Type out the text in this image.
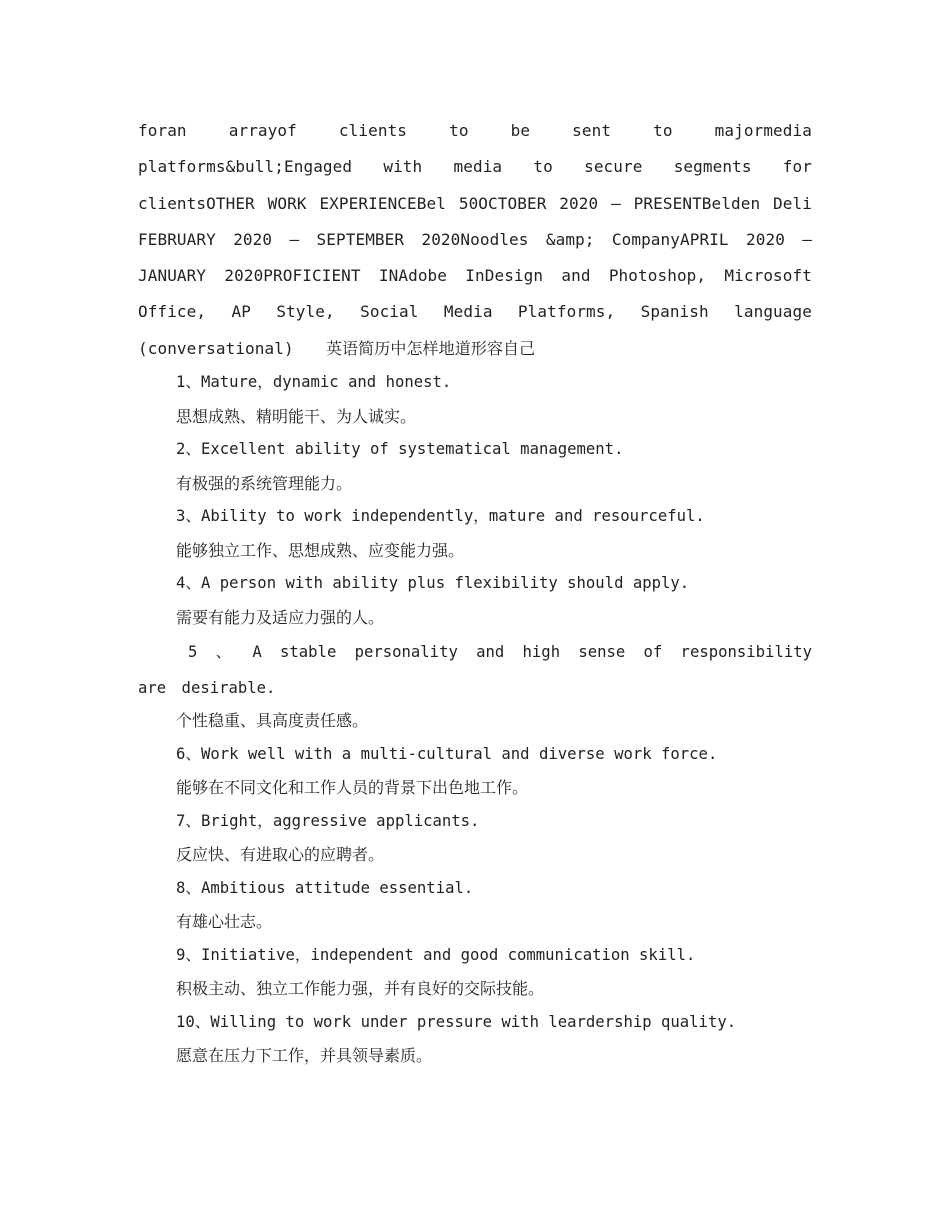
foran arrayof clients to be sent to majormedia platforms&bull;Engaged with media to secure segments for clientsOTHER WORK EXPERIENCEBel 50OCTOBER 2020 – PRESENTBelden Deli FEBRUARY 2020 – SEPTEMBER 2020Noodles &amp; CompanyAPRIL 2020 – JANUARY 2020PROFICIENT INAdobe InDesign and Photoshop, Microsoft Office, AP Style, Social Media Platforms, Spanish language (conversational)　　 英语简历中怎样地道形容自己
1、Mature，dynamic and honest.
思想成熟、精明能干、为人诚实。
2、Excellent ability of systematical management.
有极强的系统管理能力。
3、Ability to work independently，mature and resourceful.
能够独立工作、思想成熟、应变能力强。
4、A person with ability plus flexibility should apply.
需要有能力及适应力强的人。
5 、 A stable personality and high sense of responsibility are desirable.
个性稳重、具高度责任感。
6、Work well with a multi-cultural and diverse work force.
能够在不同文化和工作人员的背景下出色地工作。
7、Bright，aggressive applicants.
反应快、有进取心的应聘者。
8、Ambitious attitude essential.
有雄心壮志。
9、Initiative，independent and good communication skill.
积极主动、独立工作能力强，并有良好的交际技能。
10、Willing to work under pressure with leardership quality.
愿意在压力下工作，并具领导素质。
